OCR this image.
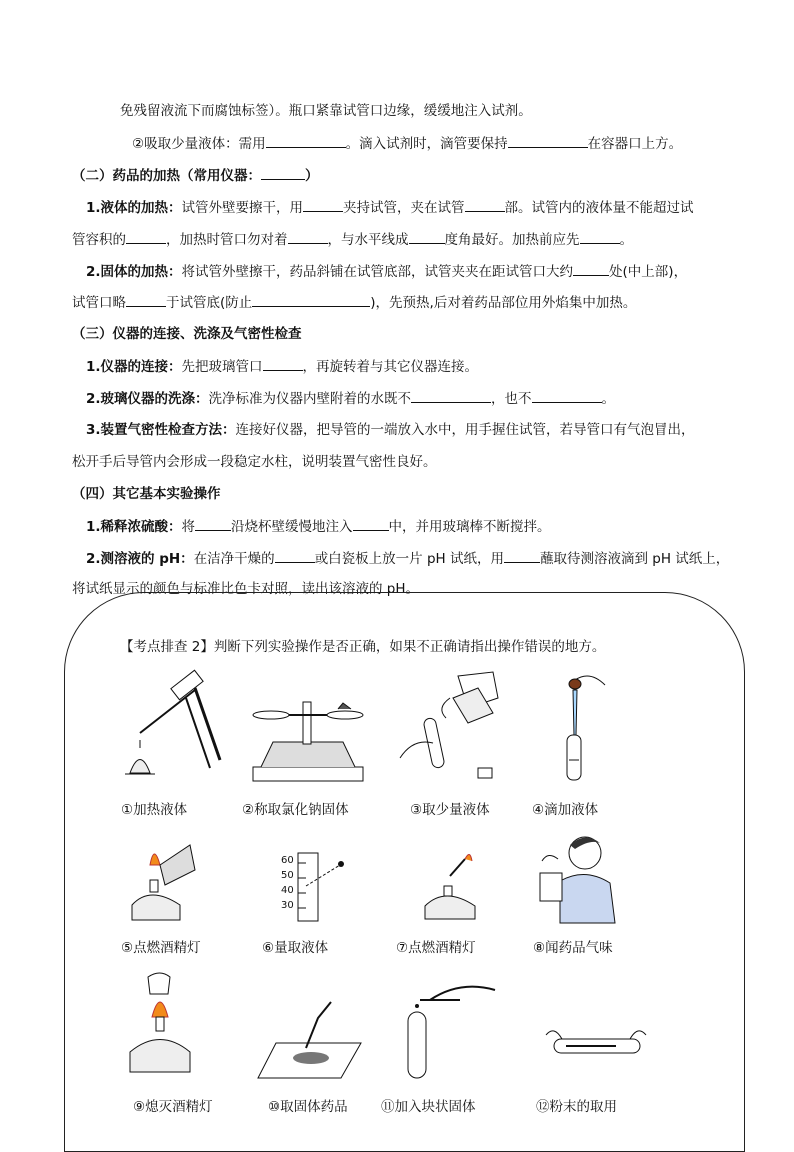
免残留液流下而腐蚀标签）。瓶口紧靠试管口边缘，缓缓地注入试剂。
②吸取少量液体：需用	。滴入试剂时，滴管要保持	在容器口上方。
（二）药品的加热（常用仪器：	）
1.液体的加热：试管外壁要擦干，用	夹持试管，夹在试管	部。试管内的液体量不能超过试
管容积的	，加热时管口勿对着	，与水平线成	度角最好。加热前应先	。
2.固体的加热：将试管外壁擦干，药品斜铺在试管底部，试管夹夹在距试管口大约	处(中上部)，
试管口略	于试管底(防止	)，先预热,后对着药品部位用外焰集中加热。
（三）仪器的连接、洗涤及气密性检查
1.仪器的连接：先把玻璃管口	，再旋转着与其它仪器连接。
2.玻璃仪器的洗涤：洗净标准为仪器内壁附着的水既不	，也不	。
3.装置气密性检查方法：连接好仪器，把导管的一端放入水中，用手握住试管，若导管口有气泡冒出，
松开手后导管内会形成一段稳定水柱，说明装置气密性良好。
（四）其它基本实验操作
1.稀释浓硫酸：将	沿烧杯壁缓慢地注入	中，并用玻璃棒不断搅拌。
2.测溶液的 pH：在洁净干燥的	或白瓷板上放一片 pH 试纸，用	蘸取待测溶液滴到 pH 试纸上，
将试纸显示的颜色与标准比色卡对照，读出该溶液的 pH。
【考点排查 2】判断下列实验操作是否正确，如果不正确请指出操作错误的地方。
①加热液体	②称取氯化钠固体	③取少量液体	④滴加液体
60
50
40
30
⑤点燃酒精灯	⑥量取液体	⑦点燃酒精灯	⑧闻药品气味
⑨熄灭酒精灯	⑩取固体药品 ⑪加入块状固体	⑫粉末的取用
